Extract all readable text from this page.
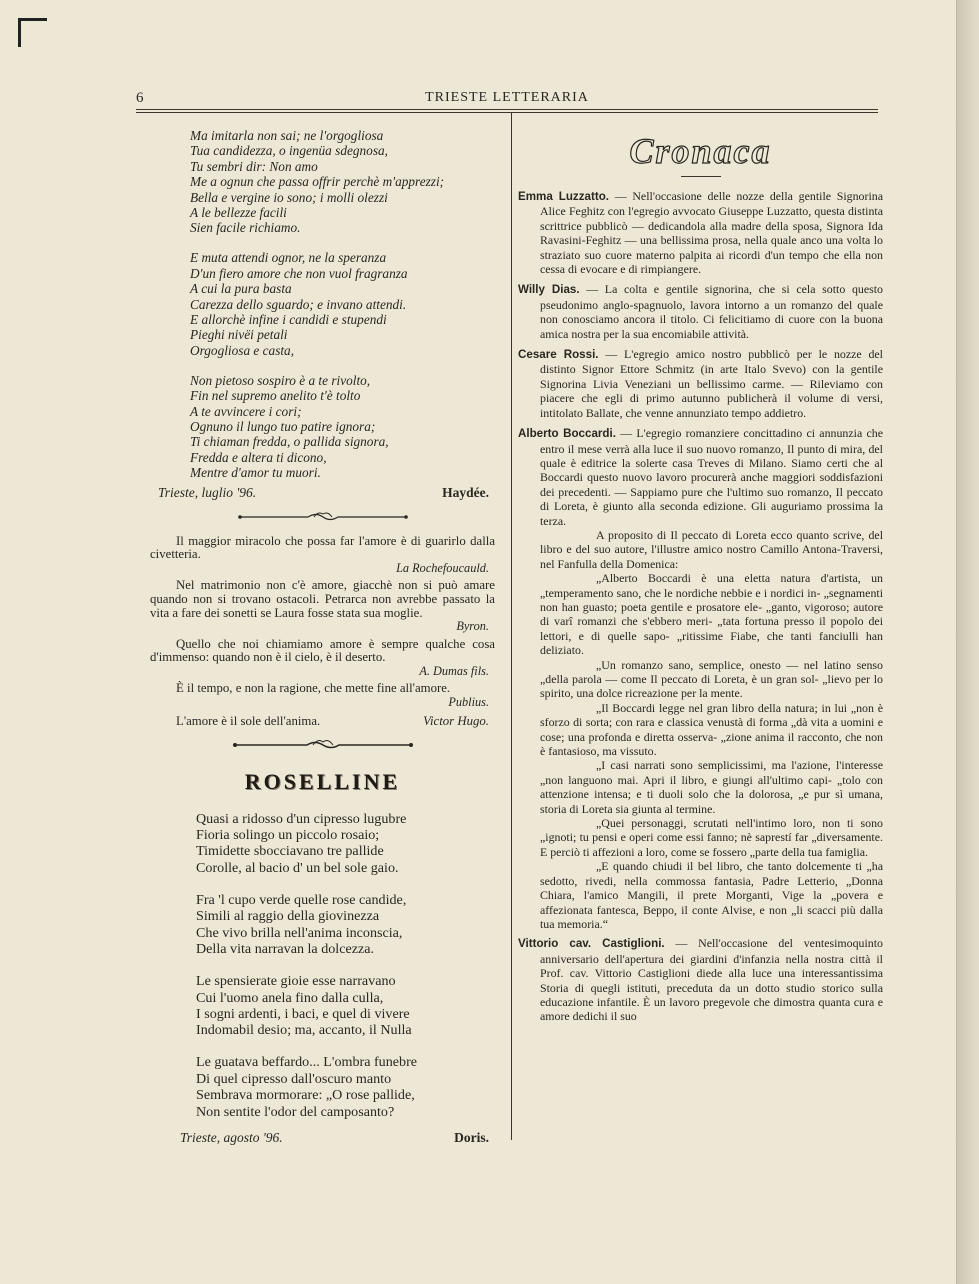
6	TRIESTE LETTERARIA
Ma imitarla non sai; ne l'orgogliosa
Tua candidezza, o ingenüa sdegnosa,
Tu sembri dir: Non amo
Me a ognun che passa offrir perchè m'apprezzi;
Bella e vergine io sono; i molli olezzi
A le bellezze facili
Sien facile richiamo.
E muta attendi ognor, ne la speranza
D'un fiero amore che non vuol fragranza
A cui la pura basta
Carezza dello sguardo; e invano attendi.
E allorchè infine i candidi e stupendi
Pieghi nivëi petali
Orgogliosa e casta,
Non pietoso sospiro è a te rivolto,
Fin nel supremo anelito t'è tolto
A te avvincere i cori;
Ognuno il lungo tuo patire ignora;
Ti chiaman fredda, o pallida signora,
Fredda e altera ti dicono,
Mentre d'amor tu muori.
Trieste, luglio '96.	Haydée.

Il maggior miracolo che possa far l'amore è di guarirlo dalla civetteria.

La Rochefoucauld.

Nel matrimonio non c'è amore, giacchè non si può amare quando non si trovano ostacoli. Petrarca non avrebbe passato la vita a fare dei sonetti se Laura fosse stata sua moglie.

Byron.

Quello che noi chiamiamo amore è sempre qualche cosa d'immenso: quando non è il cielo, è il deserto.

A. Dumas fils.

È il tempo, e non la ragione, che mette fine all'amore.

Publius.
L'amore è il sole dell'anima.	Victor Hugo.
ROSELLINE
Quasi a ridosso d'un cipresso lugubre
Fioria solingo un piccolo rosaio;
Timidette sbocciavano tre pallide
Corolle, al bacio d' un bel sole gaio.
Fra 'l cupo verde quelle rose candide,
Simili al raggio della giovinezza
Che vivo brilla nell'anima inconscia,
Della vita narravan la dolcezza.
Le spensierate gioie esse narravano
Cui l'uomo anela fino dalla culla,
I sogni ardenti, i baci, e quel di vivere
Indomabil desio; ma, accanto, il Nulla
Le guatava beffardo... L'ombra funebre
Di quel cipresso dall'oscuro manto
Sembrava mormorare: „O rose pallide,
Non sentite l'odor del camposanto?
Trieste, agosto '96.	Doris.
Cronaca
Emma Luzzatto. — Nell'occasione delle nozze della gentile Signorina Alice Feghitz con l'egregio avvocato Giuseppe Luzzatto, questa distinta scrittrice pubblicò — dedicandola alla madre della sposa, Signora Ida Ravasini-Feghitz — una bellissima prosa, nella quale anco una volta lo straziato suo cuore materno palpita ai ricordi d'un tempo che ella non cessa di evocare e di rimpiangere.
Willy Dias. — La colta e gentile signorina, che si cela sotto questo pseudonimo anglo-spagnuolo, lavora intorno a un romanzo del quale non conosciamo ancora il titolo. Ci felicitiamo di cuore con la buona amica nostra per la sua encomiabile attività.
Cesare Rossi. — L'egregio amico nostro pubblicò per le nozze del distinto Signor Ettore Schmitz (in arte Italo Svevo) con la gentile Signorina Livia Veneziani un bellissimo carme. — Rileviamo con piacere che egli di primo autunno publicherà il volume di versi, intitolato Ballate, che venne annunziato tempo addietro.
Alberto Boccardi. — L'egregio romanziere concittadino ci annunzia che entro il mese verrà alla luce il suo nuovo romanzo, Il punto di mira, del quale è editrice la solerte casa Treves di Milano. Siamo certi che al Boccardi questo nuovo lavoro procurerà anche maggiori soddisfazioni dei precedenti. — Sappiamo pure che l'ultimo suo romanzo, Il peccato di Loreta, è giunto alla seconda edizione. Gli auguriamo prossima la terza.
A proposito di Il peccato di Loreta ecco quanto scrive, del libro e del suo autore, l'illustre amico nostro Camillo Antona-Traversi, nel Fanfulla della Domenica:
„Alberto Boccardi è una eletta natura d'artista, un „temperamento sano, che le nordiche nebbie e i nordici in- „segnamenti non han guasto; poeta gentile e prosatore ele- „ganto, vigoroso; autore di varî romanzi che s'ebbero meri- „tata fortuna presso il popolo dei lettori, e di quelle sapo- „ritissime Fiabe, che tanti fanciulli han deliziato.
„Un romanzo sano, semplice, onesto — nel latino senso „della parola — come Il peccato di Loreta, è un gran sol- „lievo per lo spirito, una dolce ricreazione per la mente.
„Il Boccardi legge nel gran libro della natura; in lui „non è sforzo di sorta; con rara e classica venustà di forma „dà vita a uomini e cose; una profonda e diretta osserva- „zione anima il racconto, che non è fantasioso, ma vissuto.
„I casi narrati sono semplicissimi, ma l'azione, l'interesse „non languono mai. Apri il libro, e giungi all'ultimo capi- „tolo con attenzione intensa; e ti duoli solo che la dolorosa, „e pur sì umana, storia di Loreta sia giunta al termine.
„Quei personaggi, scrutati nell'intimo loro, non ti sono „ignoti; tu pensi e operi come essi fanno; nè saprestí far „diversamente. E perciò ti affezioni a loro, come se fossero „parte della tua famiglia.
„E quando chiudi il bel libro, che tanto dolcemente ti „ha sedotto, rivedi, nella commossa fantasia, Padre Letterio, „Donna Chiara, l'amico Mangili, il prete Morganti, Vige la „povera e affezionata fantesca, Beppo, il conte Alvise, e non „li scacci più dalla tua memoria.“
Vittorio cav. Castiglioni. — Nell'occasione del ventesimoquinto anniversario dell'apertura dei giardini d'infanzia nella nostra città il Prof. cav. Vittorio Castiglioni diede alla luce una interessantissima Storia di quegli istituti, preceduta da un dotto studio storico sulla educazione infantile. È un lavoro pregevole che dimostra quanta cura e amore dedichi il suo
